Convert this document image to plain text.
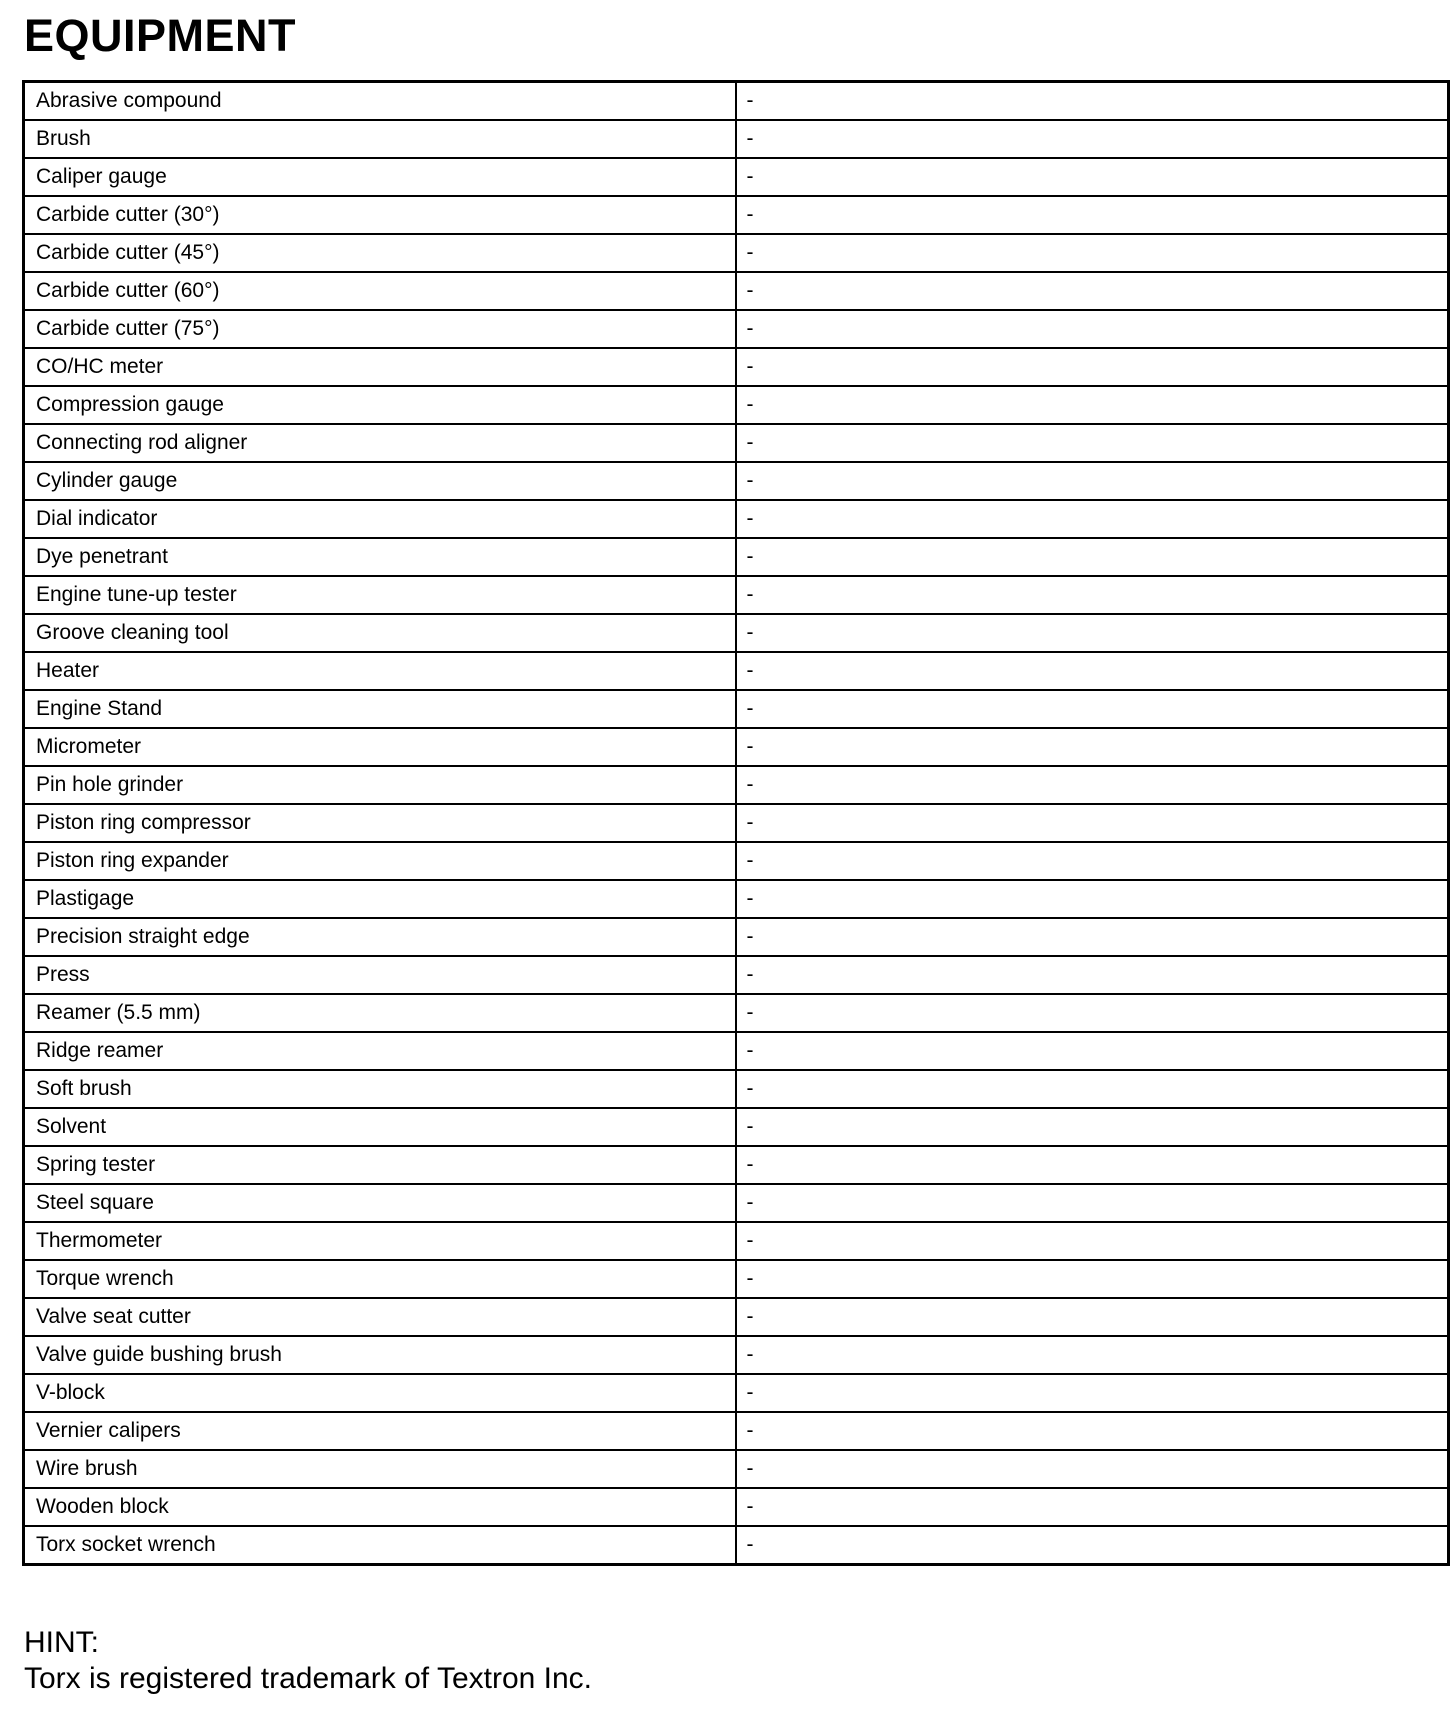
EQUIPMENT
Abrasive compound	-
Brush	-
Caliper gauge	-
Carbide cutter (30°)	-
Carbide cutter (45°)	-
Carbide cutter (60°)	-
Carbide cutter (75°)	-
CO/HC meter	-
Compression gauge	-
Connecting rod aligner	-
Cylinder gauge	-
Dial indicator	-
Dye penetrant	-
Engine tune-up tester	-
Groove cleaning tool	-
Heater	-
Engine Stand	-
Micrometer	-
Pin hole grinder	-
Piston ring compressor	-
Piston ring expander	-
Plastigage	-
Precision straight edge	-
Press	-
Reamer (5.5 mm)	-
Ridge reamer	-
Soft brush	-
Solvent	-
Spring tester	-
Steel square	-
Thermometer	-
Torque wrench	-
Valve seat cutter	-
Valve guide bushing brush	-
V-block	-
Vernier calipers	-
Wire brush	-
Wooden block	-
Torx socket wrench	-
HINT:
Torx is registered trademark of Textron Inc.
